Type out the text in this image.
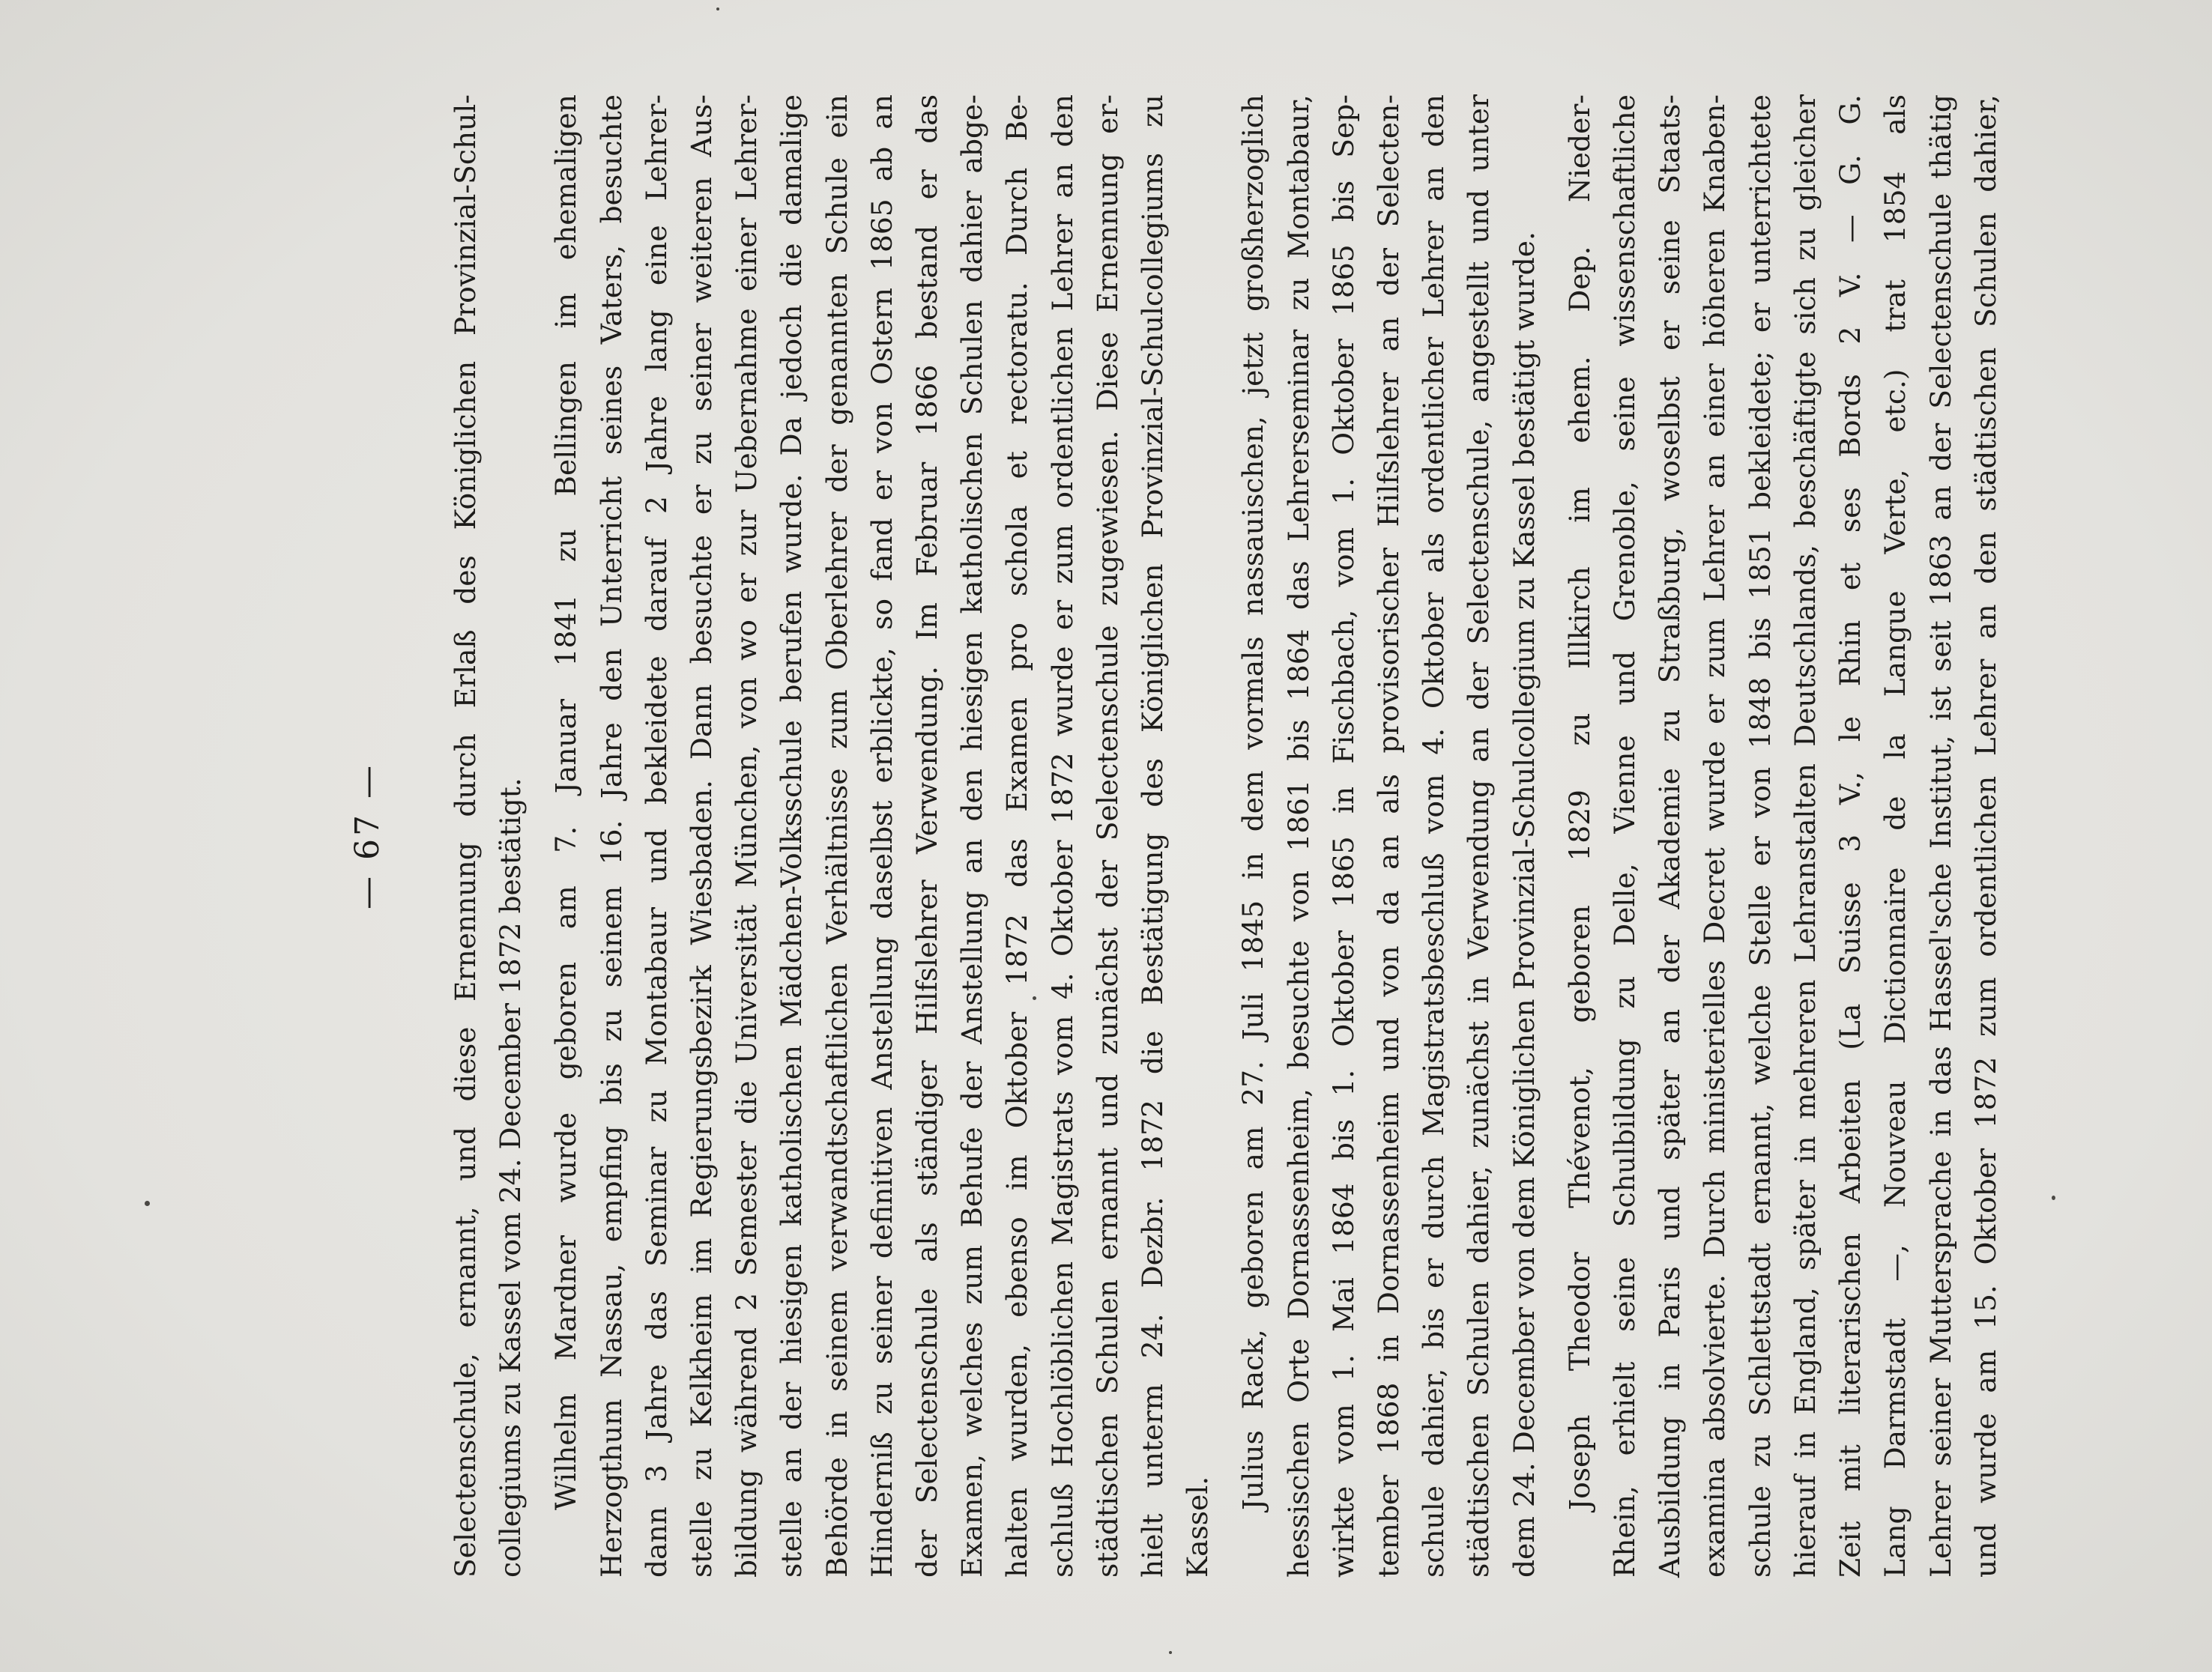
— 67 — Selectenschule, ernannt, und diese Ernennung durch Erlaß des Königlichen Provinzial-Schul- collegiums zu Kassel vom 24. December 1872 bestätigt. Wilhelm Mardner wurde geboren am 7. Januar 1841 zu Bellingen im ehemaligen Herzogthum Nassau, empfing bis zu seinem 16. Jahre den Unterricht seines Vaters, besuchte dann 3 Jahre das Seminar zu Montabaur und bekleidete darauf 2 Jahre lang eine Lehrer- stelle zu Kelkheim im Regierungsbezirk Wiesbaden. Dann besuchte er zu seiner weiteren Aus- bildung während 2 Semester die Universität München, von wo er zur Uebernahme einer Lehrer- stelle an der hiesigen katholischen Mädchen-Volksschule berufen wurde. Da jedoch die damalige Behörde in seinem verwandtschaftlichen Verhältnisse zum Oberlehrer der genannten Schule ein Hinderniß zu seiner definitiven Anstellung daselbst erblickte, so fand er von Ostern 1865 ab an der Selectenschule als ständiger Hilfslehrer Verwendung. Im Februar 1866 bestand er das Examen, welches zum Behufe der Anstellung an den hiesigen katholischen Schulen dahier abge- halten wurden, ebenso im Oktober 1872 das Examen pro schola et rectoratu. Durch Be- schluß Hochlöblichen Magistrats vom 4. Oktober 1872 wurde er zum ordentlichen Lehrer an den städtischen Schulen ernannt und zunächst der Selectenschule zugewiesen. Diese Ernennung er- hielt unterm 24. Dezbr. 1872 die Bestätigung des Königlichen Provinzial-Schulcollegiums zu Kassel.
Julius Rack, geboren am 27. Juli 1845 in dem vormals nassauischen, jetzt großherzoglich hessischen Orte Dornassenheim, besuchte von 1861 bis 1864 das Lehrerseminar zu Montabaur, wirkte vom 1. Mai 1864 bis 1. Oktober 1865 in Fischbach, vom 1. Oktober 1865 bis Sep- tember 1868 in Dornassenheim und von da an als provisorischer Hilfslehrer an der Selecten- schule dahier, bis er durch Magistratsbeschluß vom 4. Oktober als ordentlicher Lehrer an den städtischen Schulen dahier, zunächst in Verwendung an der Selectenschule, angestellt und unter dem 24. December von dem Königlichen Provinzial-Schulcollegium zu Kassel bestätigt wurde. Joseph Theodor Thévenot, geboren 1829 zu Illkirch im ehem. Dep. Nieder- Rhein, erhielt seine Schulbildung zu Delle, Vienne und Grenoble, seine wissenschaftliche Ausbildung in Paris und später an der Akademie zu Straßburg, woselbst er seine Staats- examina absolvierte. Durch ministerielles Decret wurde er zum Lehrer an einer höheren Knaben- schule zu Schlettstadt ernannt, welche Stelle er von 1848 bis 1851 bekleidete; er unterrichtete hierauf in England, später in mehreren Lehranstalten Deutschlands, beschäftigte sich zu gleicher Zeit mit literarischen Arbeiten (La Suisse 3 V., le Rhin et ses Bords 2 V. — G. G. Lang Darmstadt —, Nouveau Dictionnaire de la Langue Verte, etc.) trat 1854 als Lehrer seiner Muttersprache in das Hassel'sche Institut, ist seit 1863 an der Selectenschule thätig und wurde am 15. Oktober 1872 zum ordentlichen Lehrer an den städtischen Schulen dahier,
